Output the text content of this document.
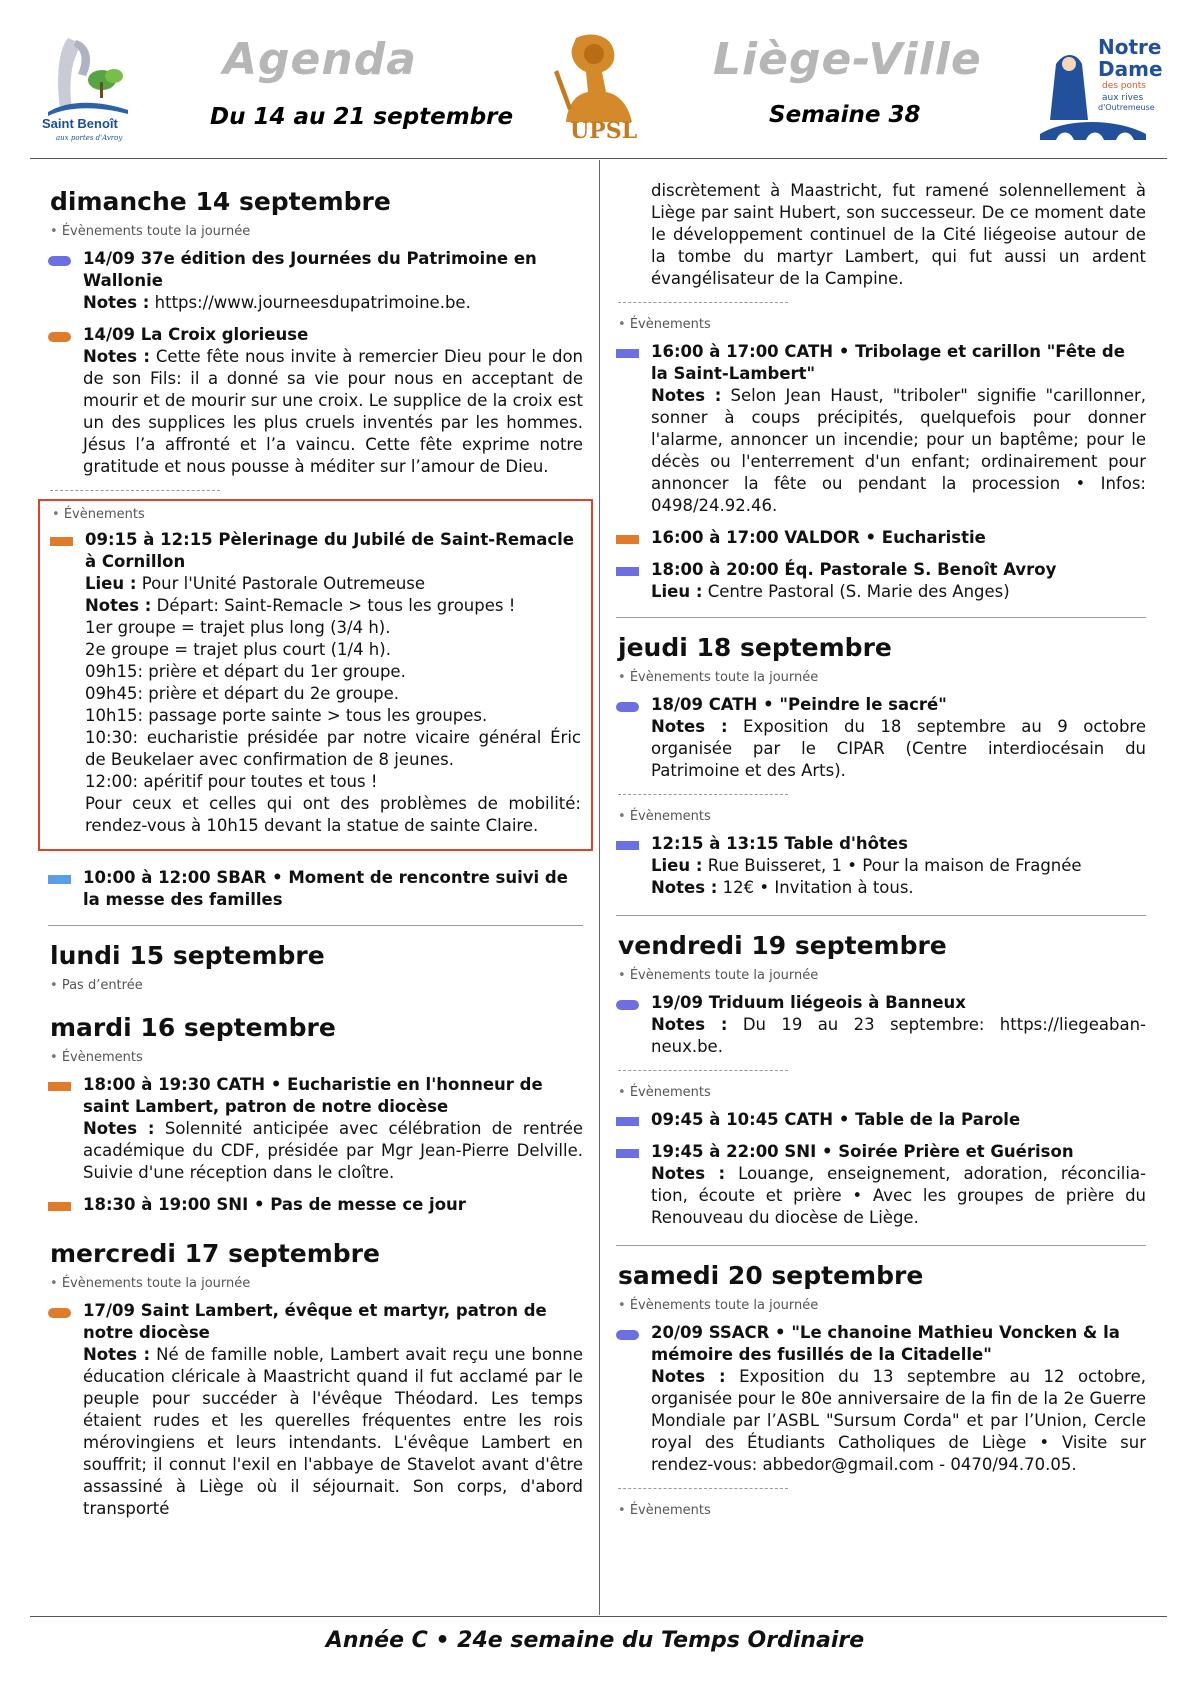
Saint Benoît
aux portes d'Avroy
Agenda	Liège-Ville
Du 14 au 21 septembre	Semaine 38
UPSL
Notre
Dame
des ponts
aux rives
d'Outremeuse
dimanche 14 septembre
• Évènements toute la journée
14/09 37e édition des Journées du Patrimoine en Wallonie
Notes : https://www.journeesdupatrimoine.be.
14/09 La Croix glorieuse
Notes : Cette fête nous invite à remercier Dieu pour le don de son Fils: il a donné sa vie pour nous en acceptant de mourir et de mourir sur une croix. Le supplice de la croix est un des supplices les plus cruels inventés par les hommes. Jésus l’a affronté et l’a vaincu. Cette fête exprime notre gratitude et nous pousse à méditer sur l’amour de Dieu.
• Évènements
09:15 à 12:15 Pèlerinage du Jubilé de Saint-Remacle à Cornillon
Lieu : Pour l'Unité Pastorale Outremeuse
Notes : Départ: Saint-Remacle > tous les groupes !
1er groupe = trajet plus long (3/4 h).
2e groupe = trajet plus court (1/4 h).
09h15: prière et départ du 1er groupe.
09h45: prière et départ du 2e groupe.
10h15: passage porte sainte > tous les groupes.
10:30: eucharistie présidée par notre vicaire général Éric de Beukelaer avec confirmation de 8 jeunes.
12:00: apéritif pour toutes et tous !
Pour ceux et celles qui ont des problèmes de mobilité: rendez-vous à 10h15 devant la statue de sainte Claire.
10:00 à 12:00 SBAR • Moment de rencontre suivi de la messe des familles
lundi 15 septembre
• Pas d’entrée
mardi 16 septembre
• Évènements
18:00 à 19:30 CATH • Eucharistie en l'honneur de saint Lambert, patron de notre diocèse
Notes : Solennité anticipée avec célébration de rentrée académique du CDF, présidée par Mgr Jean-Pierre Delville. Suivie d'une réception dans le cloître.
18:30 à 19:00 SNI • Pas de messe ce jour
mercredi 17 septembre
• Évènements toute la journée
17/09 Saint Lambert, évêque et martyr, patron de notre diocèse
Notes : Né de famille noble, Lambert avait reçu une bonne éducation cléricale à Maastricht quand il fut acclamé par le peuple pour succéder à l'évêque Théodard. Les temps étaient rudes et les querelles fréquentes entre les rois mérovingiens et leurs intendants. L'évêque Lambert en souffrit; il connut l'exil en l'abbaye de Stavelot avant d'être assassiné à Liège où il séjournait. Son corps, d'abord transporté
discrètement à Maastricht, fut ramené solennellement à Liège par saint Hubert, son successeur. De ce moment date le développement continuel de la Cité liégeoise autour de la tombe du martyr Lambert, qui fut aussi un ardent évangélisateur de la Campine.
• Évènements
16:00 à 17:00 CATH • Tribolage et carillon "Fête de la Saint-Lambert"
Notes : Selon Jean Haust, "triboler" signifie "carillonner, sonner à coups précipités, quelquefois pour donner l'alarme, annoncer un incendie; pour un baptême; pour le décès ou l'enterrement d'un enfant; ordinairement pour annoncer la fête ou pendant la procession • Infos: 0498/24.92.46.
16:00 à 17:00 VALDOR • Eucharistie
18:00 à 20:00 Éq. Pastorale S. Benoît Avroy
Lieu : Centre Pastoral (S. Marie des Anges)
jeudi 18 septembre
• Évènements toute la journée
18/09 CATH • "Peindre le sacré"
Notes : Exposition du 18 septembre au 9 octobre organisée par le CIPAR (Centre interdiocésain du Patrimoine et des Arts).
• Évènements
12:15 à 13:15 Table d'hôtes
Lieu : Rue Buisseret, 1 • Pour la maison de Fragnée
Notes : 12€ • Invitation à tous.
vendredi 19 septembre
• Évènements toute la journée
19/09 Triduum liégeois à Banneux
Notes : Du 19 au 23 septembre: https://liegeaban- neux.be.
• Évènements
09:45 à 10:45 CATH • Table de la Parole
19:45 à 22:00 SNI • Soirée Prière et Guérison
Notes : Louange, enseignement, adoration, réconcilia- tion, écoute et prière • Avec les groupes de prière du Renouveau du diocèse de Liège.
samedi 20 septembre
• Évènements toute la journée
20/09 SSACR • "Le chanoine Mathieu Voncken & la mémoire des fusillés de la Citadelle"
Notes : Exposition du 13 septembre au 12 octobre, organisée pour le 80e anniversaire de la fin de la 2e Guerre Mondiale par l’ASBL "Sursum Corda" et par l’Union, Cercle royal des Étudiants Catholiques de Liège • Visite sur rendez-vous: abbedor@gmail.com - 0470/94.70.05.
• Évènements
Année C • 24e semaine du Temps Ordinaire
